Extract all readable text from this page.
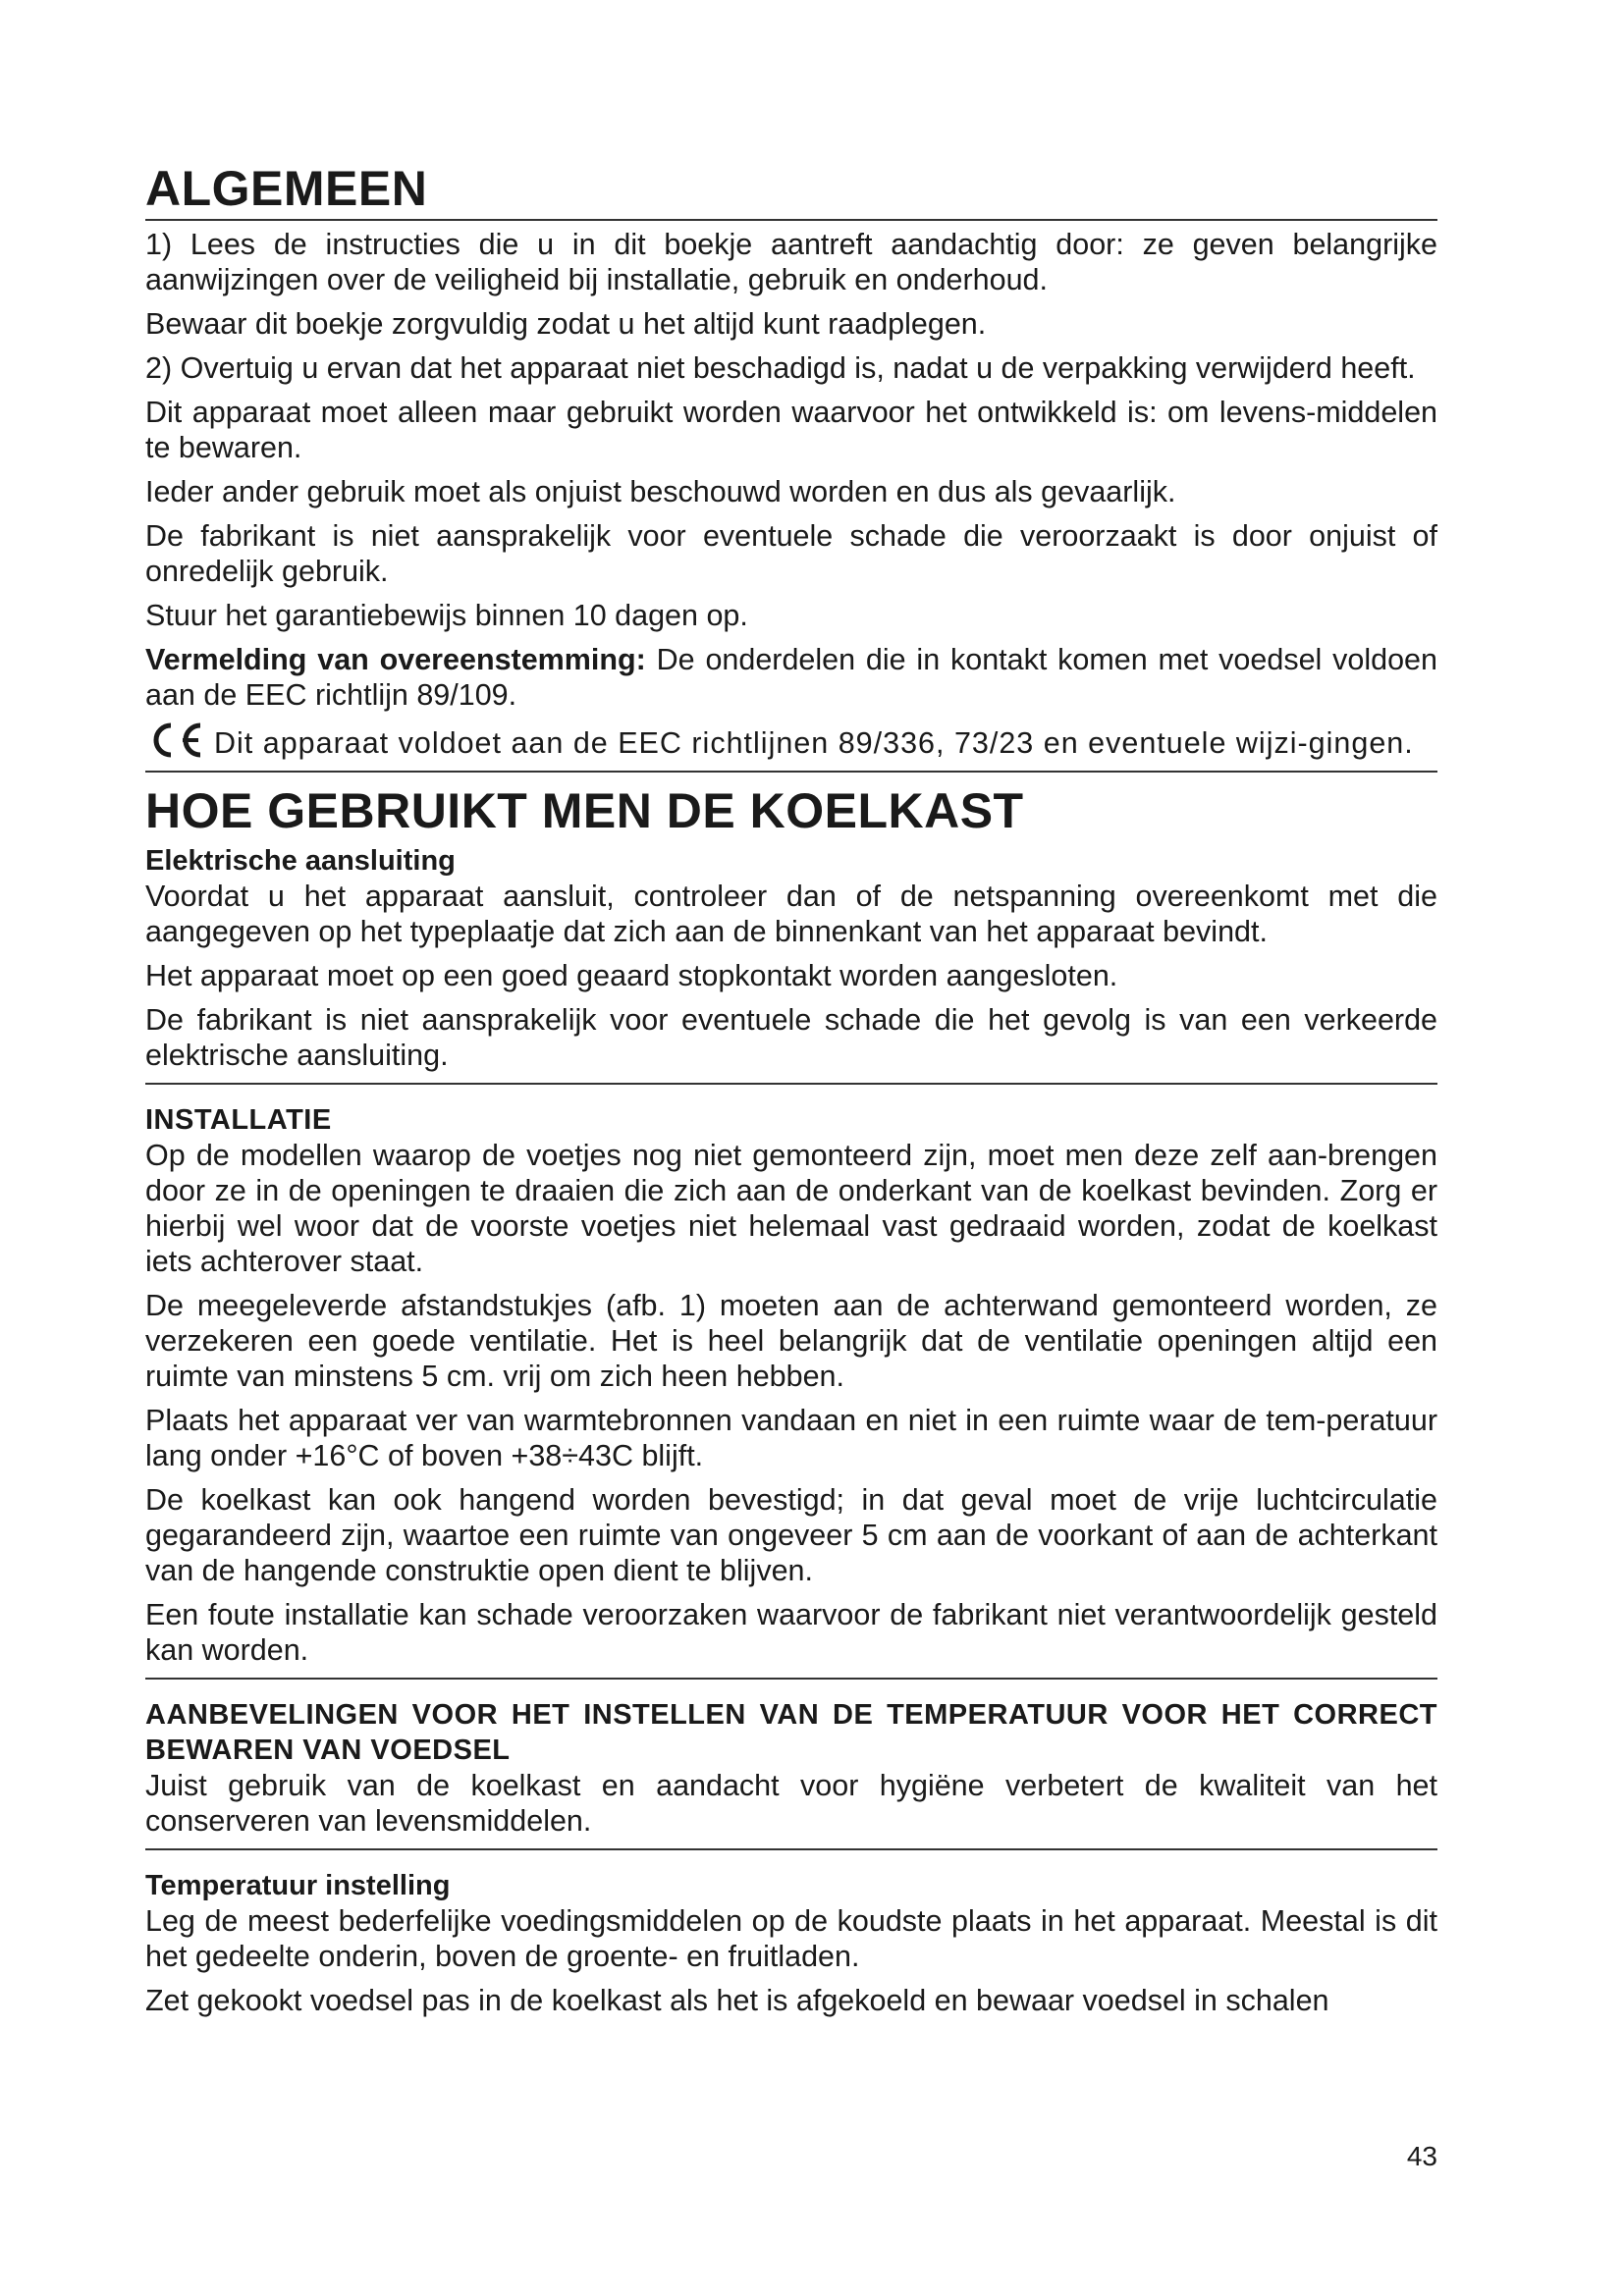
ALGEMEEN

1) Lees de instructies die u in dit boekje aantreft aandachtig door: ze geven belangrijke aanwijzingen over de veiligheid bij installatie, gebruik en onderhoud.

Bewaar dit boekje zorgvuldig zodat u het altijd kunt raadplegen.

2) Overtuig u ervan dat het apparaat niet beschadigd is, nadat u de verpakking verwijderd heeft.

Dit apparaat moet alleen maar gebruikt worden waarvoor het ontwikkeld is: om levens-middelen te bewaren.

Ieder ander gebruik moet als onjuist beschouwd worden en dus als gevaarlijk.

De fabrikant is niet aansprakelijk voor eventuele schade die veroorzaakt is door onjuist of onredelijk gebruik.

Stuur het garantiebewijs binnen 10 dagen op.

Vermelding van overeenstemming: De onderdelen die in kontakt komen met voedsel voldoen aan de EEC richtlijn 89/109.

Dit apparaat voldoet aan de EEC richtlijnen 89/336, 73/23 en eventuele wijzi-gingen.

HOE GEBRUIKT MEN DE KOELKAST
Elektrische aansluiting

Voordat u het apparaat aansluit, controleer dan of de netspanning overeenkomt met die aangegeven op het typeplaatje dat zich aan de binnenkant van het apparaat bevindt.

Het apparaat moet op een goed geaard stopkontakt worden aangesloten.

De fabrikant is niet aansprakelijk voor eventuele schade die het gevolg is van een verkeerde elektrische aansluiting.

INSTALLATIE

Op de modellen waarop de voetjes nog niet gemonteerd zijn, moet men deze zelf aan-brengen door ze in de openingen te draaien die zich aan de onderkant van de koelkast bevinden. Zorg er hierbij wel woor dat de voorste voetjes niet helemaal vast gedraaid worden, zodat de koelkast iets achterover staat.

De meegeleverde afstandstukjes (afb. 1) moeten aan de achterwand gemonteerd worden, ze verzekeren een goede ventilatie. Het is heel belangrijk dat de ventilatie openingen altijd een ruimte van minstens 5 cm. vrij om zich heen hebben.

Plaats het apparaat ver van warmtebronnen vandaan en niet in een ruimte waar de tem-peratuur lang onder +16°C of boven +38÷43C blijft.

De koelkast kan ook hangend worden bevestigd; in dat geval moet de vrije luchtcirculatie gegarandeerd zijn, waartoe een ruimte van ongeveer 5 cm aan de voorkant of aan de achterkant van de hangende construktie open dient te blijven.

Een foute installatie kan schade veroorzaken waarvoor de fabrikant niet verantwoordelijk gesteld kan worden.

AANBEVELINGEN VOOR HET INSTELLEN VAN DE TEMPERATUUR VOOR HET CORRECT BEWAREN VAN VOEDSEL

Juist gebruik van de koelkast en aandacht voor hygiëne verbetert de kwaliteit van het conserveren van levensmiddelen.

Temperatuur instelling

Leg de meest bederfelijke voedingsmiddelen op de koudste plaats in het apparaat. Meestal is dit het gedeelte onderin, boven de groente- en fruitladen.

Zet gekookt voedsel pas in de koelkast als het is afgekoeld en bewaar voedsel in schalen

43
